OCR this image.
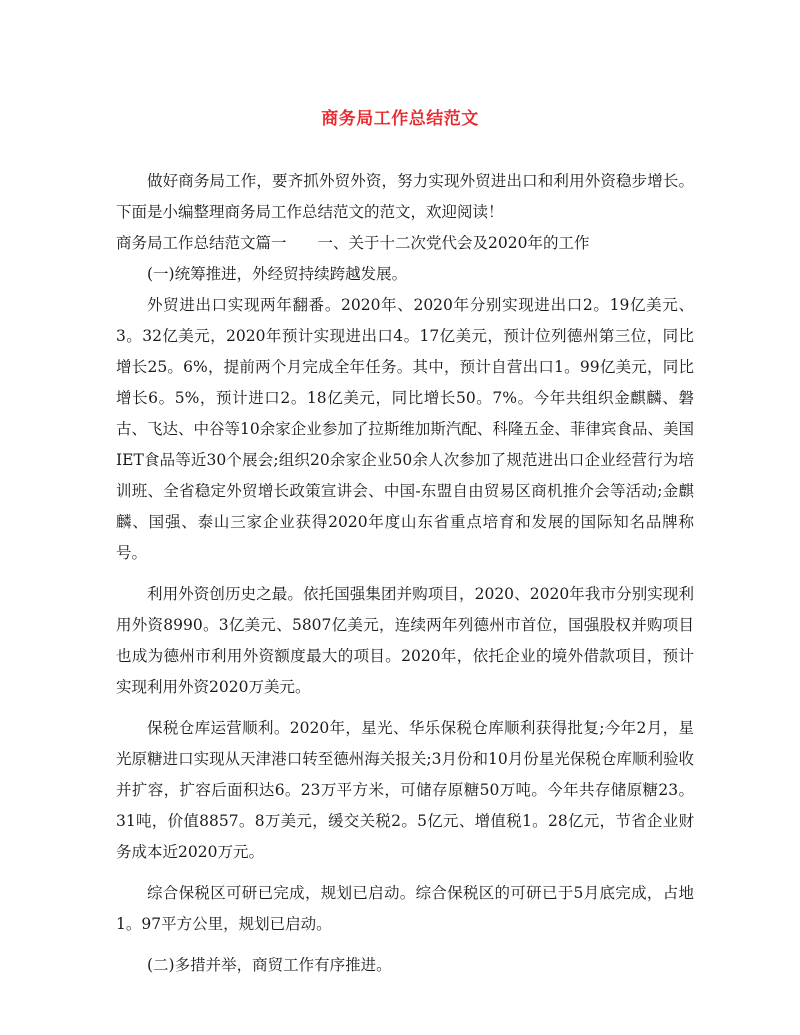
商务局工作总结范文

做好商务局工作，要齐抓外贸外资，努力实现外贸进出口和利用外资稳步增长。下面是小编整理商务局工作总结范文的范文，欢迎阅读！

商务局工作总结范文篇一　　一、关于十二次党代会及2020年的工作

(一)统筹推进，外经贸持续跨越发展。

外贸进出口实现两年翻番。2020年、2020年分别实现进出口2。19亿美元、3。32亿美元，2020年预计实现进出口4。17亿美元，预计位列德州第三位，同比增长25。6%，提前两个月完成全年任务。其中，预计自营出口1。99亿美元，同比增长6。5%，预计进口2。18亿美元，同比增长50。7%。今年共组织金麒麟、磐古、飞达、中谷等10余家企业参加了拉斯维加斯汽配、科隆五金、菲律宾食品、美国IET食品等近30个展会;组织20余家企业50余人次参加了规范进出口企业经营行为培训班、全省稳定外贸增长政策宣讲会、中国-东盟自由贸易区商机推介会等活动;金麒麟、国强、泰山三家企业获得2020年度山东省重点培育和发展的国际知名品牌称号。

利用外资创历史之最。依托国强集团并购项目，2020、2020年我市分别实现利用外资8990。3亿美元、5807亿美元，连续两年列德州市首位，国强股权并购项目也成为德州市利用外资额度最大的项目。2020年，依托企业的境外借款项目，预计实现利用外资2020万美元。

保税仓库运营顺利。2020年，星光、华乐保税仓库顺利获得批复;今年2月，星光原糖进口实现从天津港口转至德州海关报关;3月份和10月份星光保税仓库顺利验收并扩容，扩容后面积达6。23万平方米，可储存原糖50万吨。今年共存储原糖23。31吨，价值8857。8万美元，缓交关税2。5亿元、增值税1。28亿元，节省企业财务成本近2020万元。

综合保税区可研已完成，规划已启动。综合保税区的可研已于5月底完成，占地1。97平方公里，规划已启动。

(二)多措并举，商贸工作有序推进。
